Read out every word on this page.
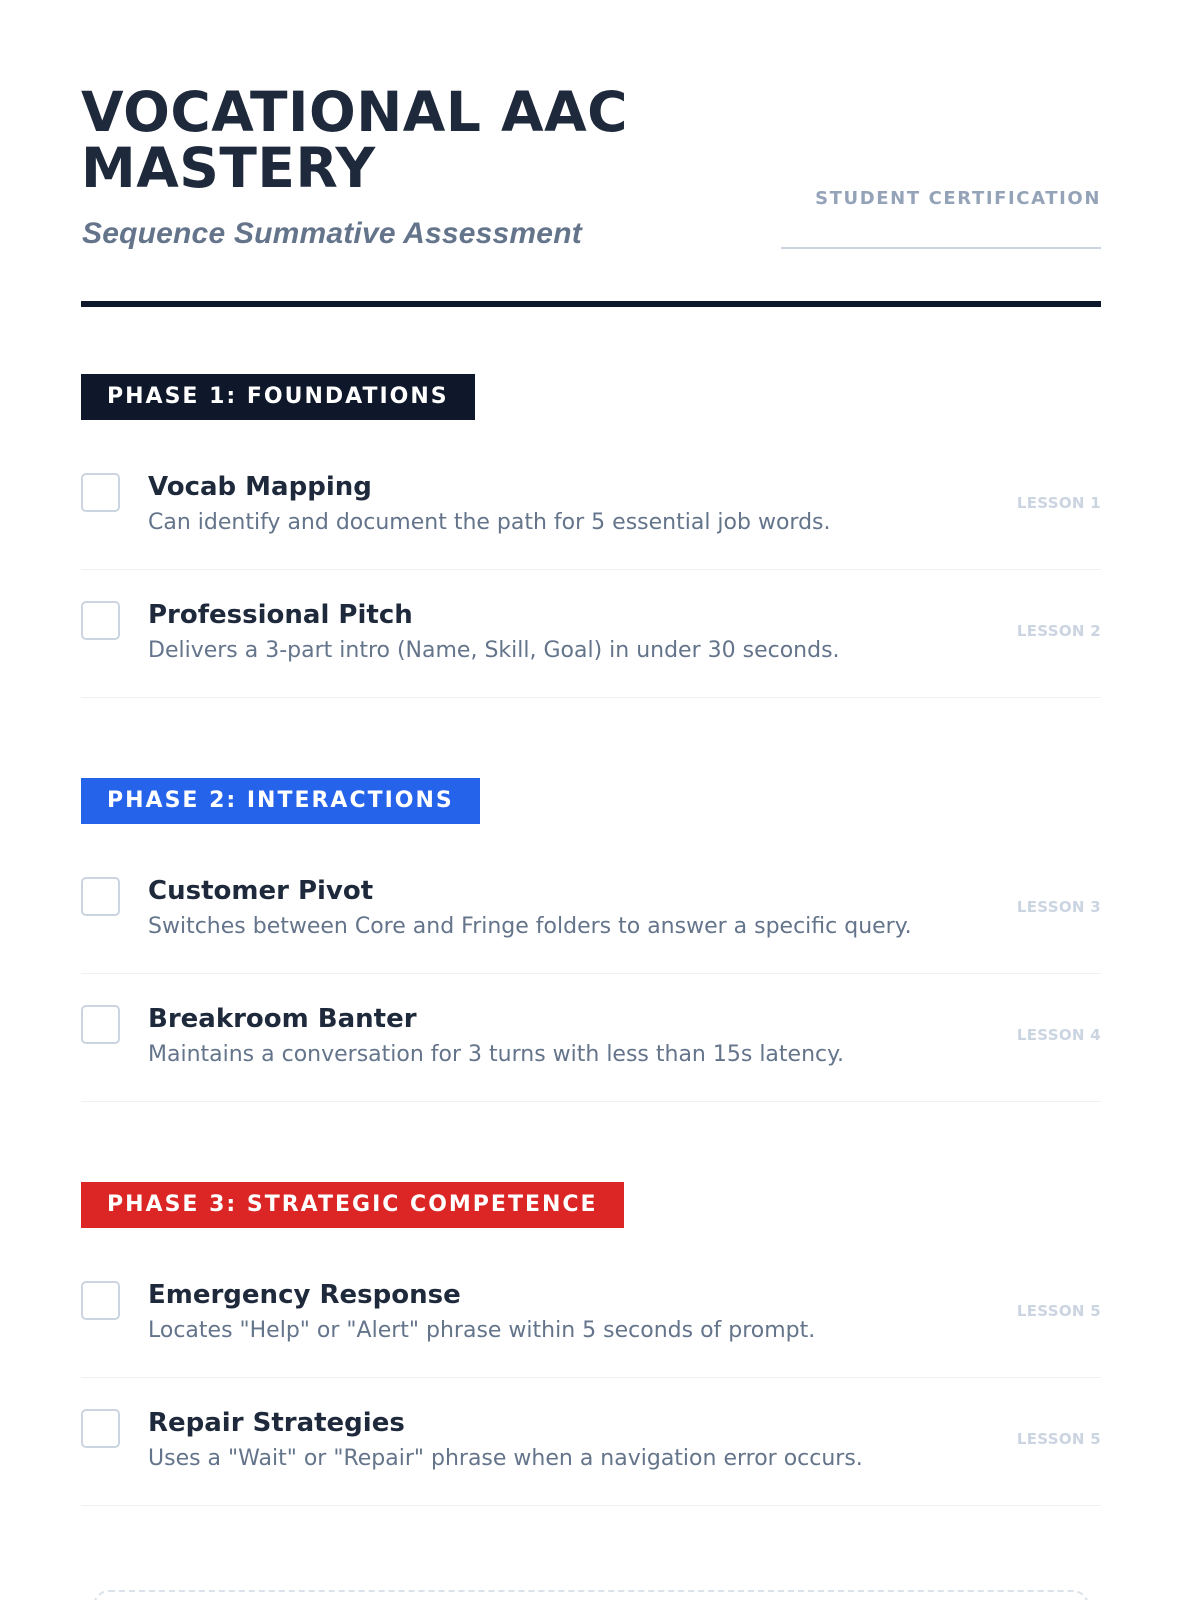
VOCATIONAL AAC
MASTERY
Sequence Summative Assessment
STUDENT CERTIFICATION
PHASE 1: FOUNDATIONS
Vocab Mapping
Can identify and document the path for 5 essential job words.
LESSON 1
Professional Pitch
Delivers a 3-part intro (Name, Skill, Goal) in under 30 seconds.
LESSON 2
PHASE 2: INTERACTIONS
Customer Pivot
Switches between Core and Fringe folders to answer a specific query.
LESSON 3
Breakroom Banter
Maintains a conversation for 3 turns with less than 15s latency.
LESSON 4
PHASE 3: STRATEGIC COMPETENCE
Emergency Response
Locates "Help" or "Alert" phrase within 5 seconds of prompt.
LESSON 5
Repair Strategies
Uses a "Wait" or "Repair" phrase when a navigation error occurs.
LESSON 5
